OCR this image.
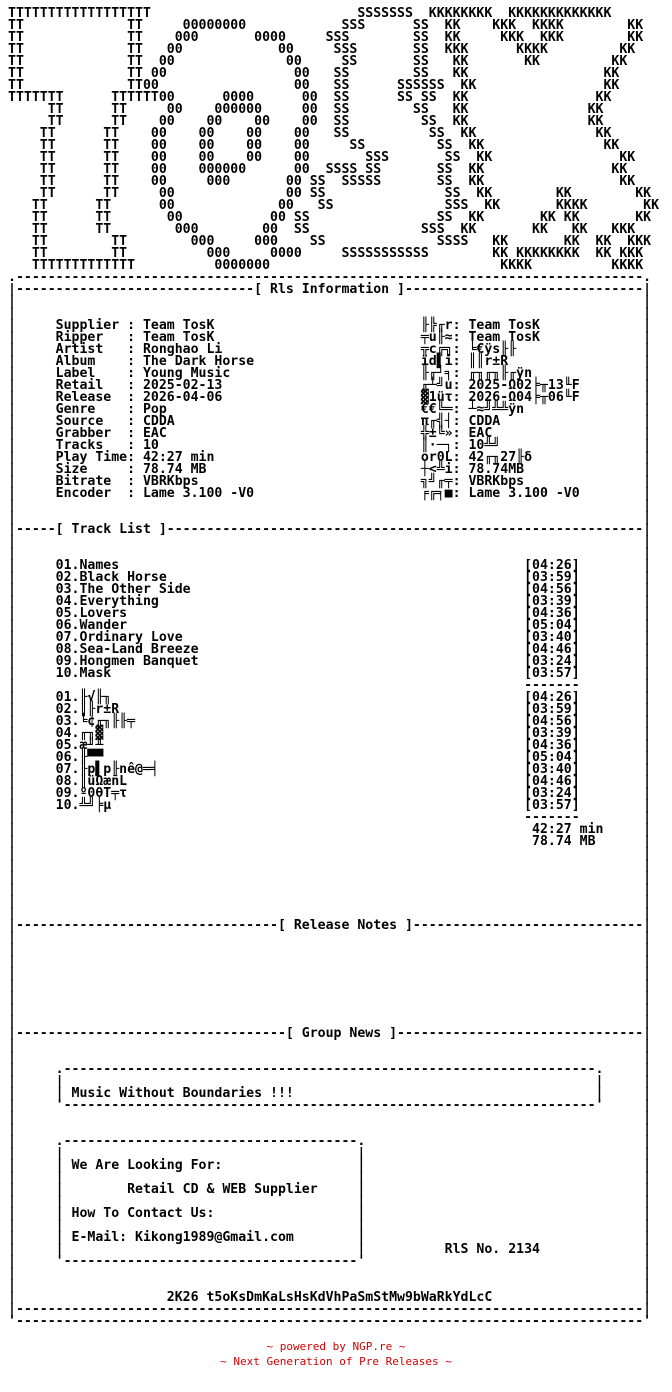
TTTTTTTTTTTTTTTTTT                          SSSSSSS  KKKKKKKK  KKKKKKKKKKKKK
TT             TT     00000000            SSS      SS  KK    KKK  KKKK        KK
TT             TT    000       0000     SSS        SS  KK     KKK  KKK        KK
TT             TT   00            00     SSS       SS  KKK      KKKK         KK
TT             TT  00              00     SS       SS   KK       KK         KK
TT             TT 00                00   SS        SS   KK                 KK
TT             TT00                 00   SS      SSSSSS  KK                KK
TTTTTTT      TTTTTT00      0000      00  SS      SS SS  KK                KK
TT      TT     00    000000     00  SS        SS   KK               KK
TT      TT    00    00    00    00  SS         SS  KK               KK
TT      TT    00    00    00    00   SS          SS  KK               KK
TT      TT    00    00    00    00     SS         SS  KK               KK
TT      TT    00    00    00    00       SSS       SS  KK                KK
TT      TT    00    000000      00  SSSS SS       SS  KK                KK
TT      TT    00     000       00 SS  SSSSS       SS  KK                 KK
TT      TT     00              00 SS               SS  KK        KK        KK
TT      TT      00             00   SS              SSS  KK       KKKK       KK
TT      TT       00           00 SS                SS  KK       KK KK       KK
TT      TT        000        00  SS              SSS  KK       KK   KK   KKK
TT        TT        000     000    SS              SSSS   KK       KK  KK  KKK
TT        TT          000     0000     SSSSSSSSSSS        KK KKKKKKKK  KK KKK
TTTTTTTTTTTTT          0000000                             KKKK          KKKK
.-------------------------------------------------------------------------------.
|------------------------------[ Rls Information ]------------------------------|
|                                                                               |
|                                                                               |
|     Supplier : Team TosK                          ╟╠╓r: Team TosK             |
|     Ripper   : Team TosK                          ╤u╟≈: Team TosK             |
|     Artist   : Ronghao Li                         ╦c╔╗: ╘€ÿs╟╟                |
|     Album    : The Dark Horse                     ïd▌i: ║║r±R                 |
|     Label    : Young Music                        ╟╓┘╕: ╓╖╓╖╟╓ÿn              |
|     Retail   : 2025-02-13                         ╓┴╝u: 2025-Ω02╞╥13╙F        |
|     Release  : 2026-04-06                         ▓1üτ: 2026-Ω04╞╥06╙F        |
|     Genre    : Pop                                €€╚═: ┴≈╝╩╩ÿn               |
|     Source   : CDDA                               π╓╣┤: CDDA                  |
|     Grabber  : EAC                                ╬±╚»: EAC                   |
|     Tracks   : 10                                 ║·─┐: 10╩╝                  |
|     Play Time: 42:27 min                          or0L: 42╓╖27╟δ              |
|     Size     : 78.74 MB                           ┼<╩i: 78.74MB               |
|     Bitrate  : VBRKbps                            ╗╝╓╤: VBRKbps               |
|     Encoder  : Lame 3.100 -V0                     ╒╔╕■: Lame 3.100 -V0        |
|                                                                               |
|                                                                               |
|-----[ Track List ]------------------------------------------------------------|
|                                                                               |
|                                                                               |
|     01.Names                                                   [04:26]        |
|     02.Black Horse                                             [03:59]        |
|     03.The Other Side                                          [04:56]        |
|     04.Everything                                              [03:39]        |
|     05.Lovers                                                  [04:36]        |
|     06.Wander                                                  [05:04]        |
|     07.Ordinary Love                                           [03:40]        |
|     08.Sea-Land Breeze                                         [04:46]        |
|     09.Hongmen Banquet                                         [03:24]        |
|     10.Mask                                                    [03:57]        |
|                                                                -------        |
|     01.╟√╟╖                                                    [04:26]        |
|     02.║╟r±R                                                   [03:59]        |
|     03.╘¢╓╖╟╟╤                                                 [04:56]        |
|     04.╓╖▓                                                     [03:39]        |
|     05.æ╜╨                                                     [04:36]        |
|     06.╟▀▀                                                     [05:04]        |
|     07.╟p▌p╟nê@═╡                                              [03:40]        |
|     08.║üΩæñL                                                  [04:46]        |
|     09.º0θT╤τ                                                  [03:24]        |
|     10.╩╝╞µ                                                    [03:57]        |
|                                                                -------        |
|                                                                 42:27 min     |
|                                                                 78.74 MB      |
|                                                                               |
|                                                                               |
|                                                                               |
|                                                                               |
|                                                                               |
|                                                                               |
|---------------------------------[ Release Notes ]-----------------------------|
|                                                                               |
|                                                                               |
|                                                                               |
|                                                                               |
|                                                                               |
|                                                                               |
|                                                                               |
|                                                                               |
|----------------------------------[ Group News ]-------------------------------|
|                                                                               |
|                                                                               |
|     .-------------------------------------------------------------------.     |
|     |                                                                   |     |
|     | Music Without Boundaries !!!                                      |     |
|     '-------------------------------------------------------------------'     |
|                                                                               |
|                                                                               |
|     .-------------------------------------.                                   |
|     |                                     |                                   |
|     | We Are Looking For:                 |                                   |
|     |                                     |                                   |
|     |        Retail CD & WEB Supplier     |                                   |
|     |                                     |                                   |
|     | How To Contact Us:                  |                                   |
|     |                                     |                                   |
|     | E-Mail: Kikong1989@Gmail.com        |                                   |
|     |                                     |          RlS No. 2134             |
|     '-------------------------------------'                                   |
|                                                                               |
|                                                                               |
|                   2K26 t5oKsDmKaLsHsKdVhPaSmStMw9bWaRkYdLcC                   |
|-------------------------------------------------------------------------------|
'-------------------------------------------------------------------------------'
~ powered by NGP.re ~
~ Next Generation of Pre Releases ~
